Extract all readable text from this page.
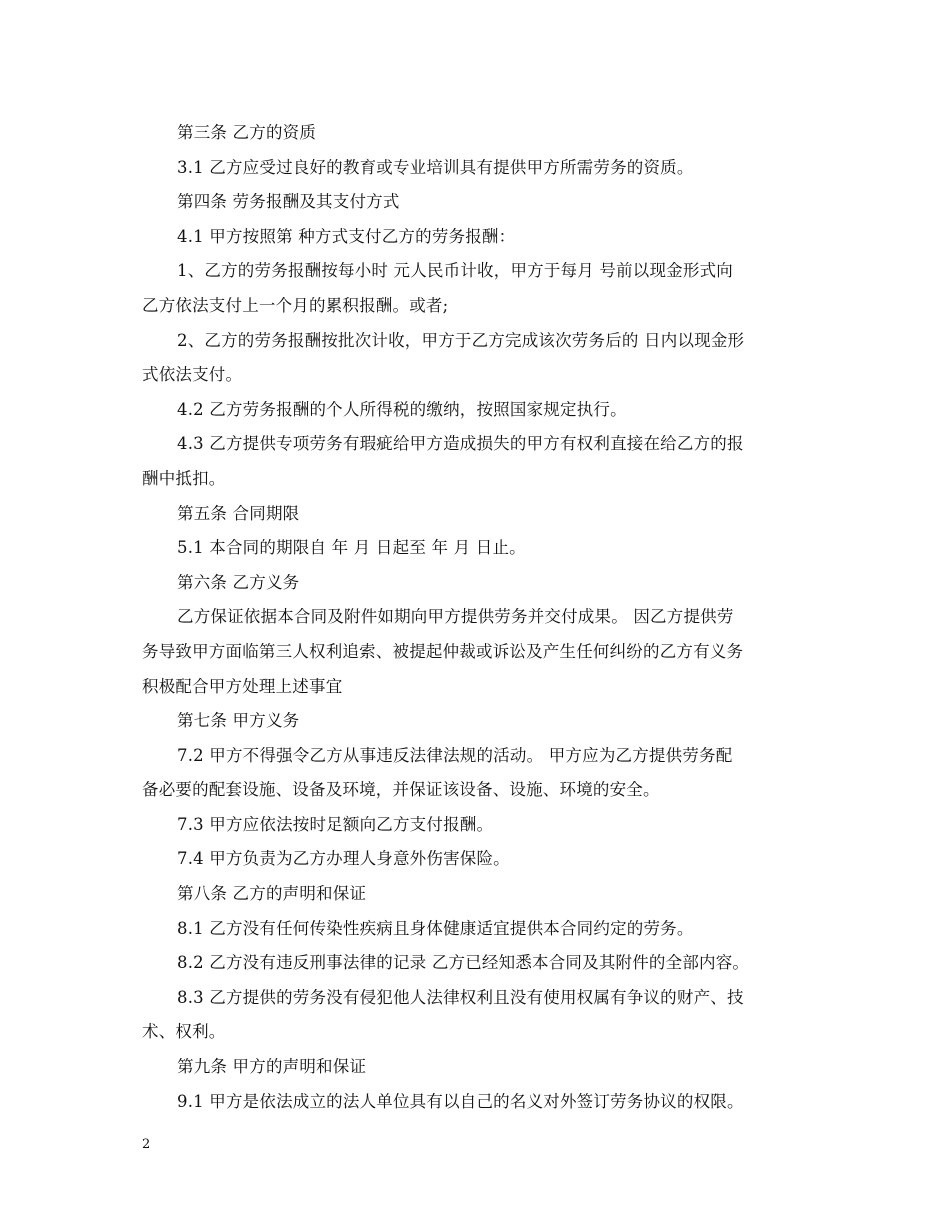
第三条 乙方的资质
3.1 乙方应受过良好的教育或专业培训具有提供甲方所需劳务的资质。
第四条 劳务报酬及其支付方式
4.1 甲方按照第 种方式支付乙方的劳务报酬：
1、乙方的劳务报酬按每小时 元人民币计收，甲方于每月 号前以现金形式向
乙方依法支付上一个月的累积报酬。或者;
2、乙方的劳务报酬按批次计收，甲方于乙方完成该次劳务后的 日内以现金形
式依法支付。
4.2 乙方劳务报酬的个人所得税的缴纳，按照国家规定执行。
4.3 乙方提供专项劳务有瑕疵给甲方造成损失的甲方有权利直接在给乙方的报
酬中抵扣。
第五条 合同期限
5.1 本合同的期限自 年 月 日起至 年 月 日止。
第六条 乙方义务
乙方保证依据本合同及附件如期向甲方提供劳务并交付成果。 因乙方提供劳
务导致甲方面临第三人权利追索、被提起仲裁或诉讼及产生任何纠纷的乙方有义务
积极配合甲方处理上述事宜
第七条 甲方义务
7.2 甲方不得强令乙方从事违反法律法规的活动。 甲方应为乙方提供劳务配
备必要的配套设施、设备及环境，并保证该设备、设施、环境的安全。
7.3 甲方应依法按时足额向乙方支付报酬。
7.4 甲方负责为乙方办理人身意外伤害保险。
第八条 乙方的声明和保证
8.1 乙方没有任何传染性疾病且身体健康适宜提供本合同约定的劳务。
8.2 乙方没有违反刑事法律的记录 乙方已经知悉本合同及其附件的全部内容。
8.3 乙方提供的劳务没有侵犯他人法律权利且没有使用权属有争议的财产、技
术、权利。
第九条 甲方的声明和保证
9.1 甲方是依法成立的法人单位具有以自己的名义对外签订劳务协议的权限。
2
